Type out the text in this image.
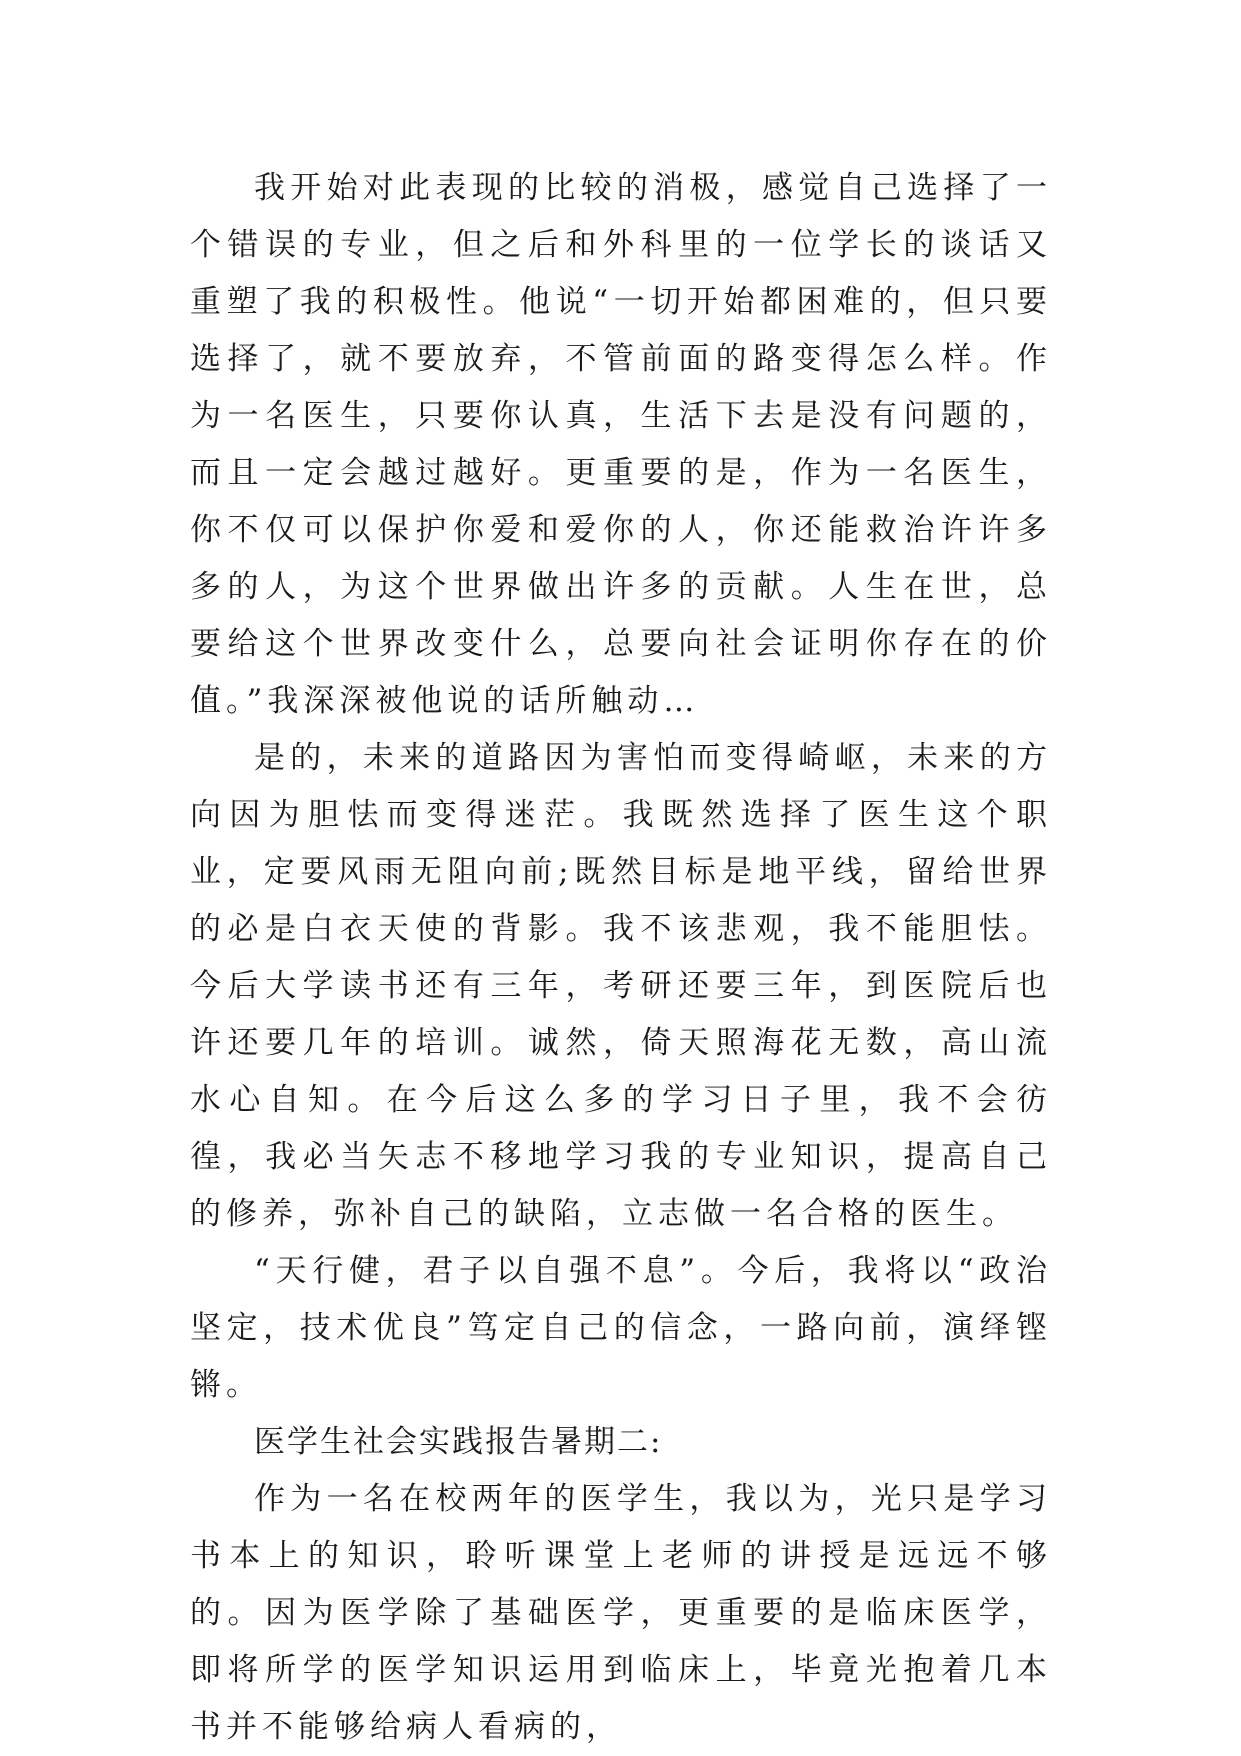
我开始对此表现的比较的消极，感觉自己选择了一个错误的专业，但之后和外科里的一位学长的谈话又重塑了我的积极性。他说“一切开始都困难的，但只要选择了，就不要放弃，不管前面的路变得怎么样。作为一名医生，只要你认真，生活下去是没有问题的，而且一定会越过越好。更重要的是，作为一名医生，你不仅可以保护你爱和爱你的人，你还能救治许许多多的人，为这个世界做出许多的贡献。人生在世，总要给这个世界改变什么，总要向社会证明你存在的价值。”我深深被他说的话所触动…

是的，未来的道路因为害怕而变得崎岖，未来的方向因为胆怯而变得迷茫。我既然选择了医生这个职业，定要风雨无阻向前;既然目标是地平线，留给世界的必是白衣天使的背影。我不该悲观，我不能胆怯。今后大学读书还有三年，考研还要三年，到医院后也许还要几年的培训。诚然，倚天照海花无数，高山流水心自知。在今后这么多的学习日子里，我不会彷徨，我必当矢志不移地学习我的专业知识，提高自己的修养，弥补自己的缺陷，立志做一名合格的医生。

“天行健，君子以自强不息”。今后，我将以“政治坚定，技术优良”笃定自己的信念，一路向前，演绎铿锵。

医学生社会实践报告暑期二:

作为一名在校两年的医学生，我以为，光只是学习书本上的知识，聆听课堂上老师的讲授是远远不够的。因为医学除了基础医学，更重要的是临床医学，即将所学的医学知识运用到临床上，毕竟光抱着几本书并不能够给病人看病的，
